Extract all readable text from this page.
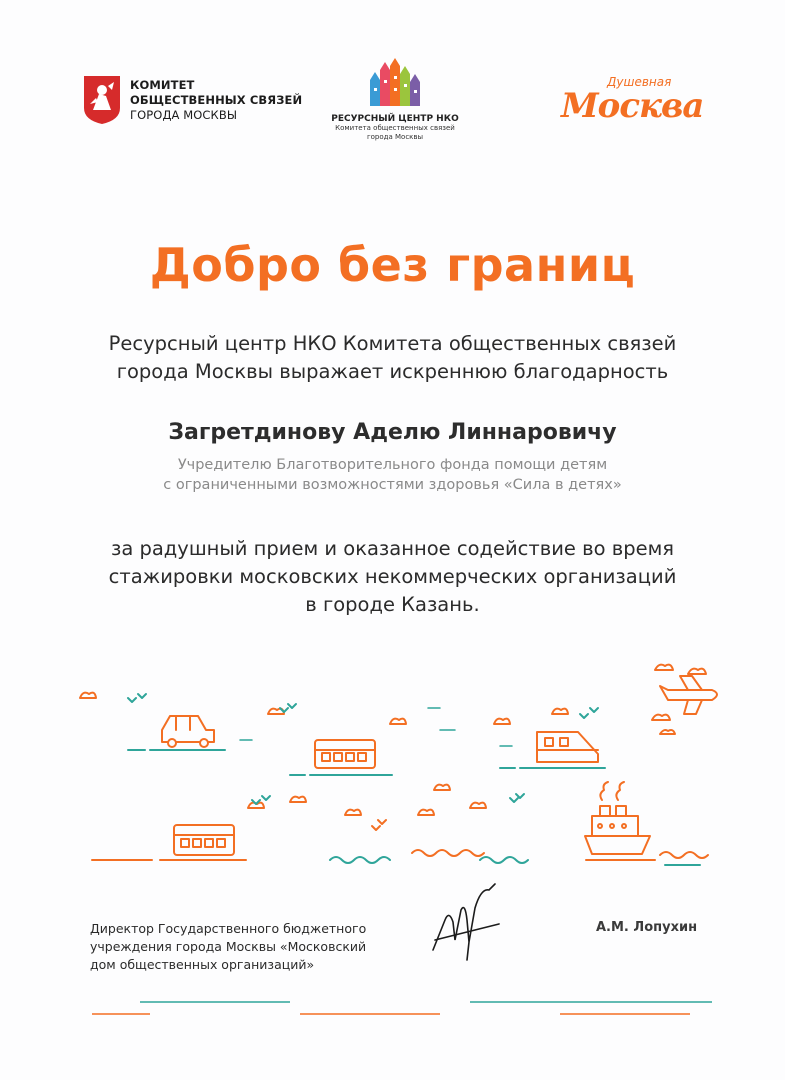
КОМИТЕТ
ОБЩЕСТВЕННЫХ СВЯЗЕЙ
ГОРОДА МОСКВЫ	РЕСУРСНЫЙ ЦЕНТР НКО
Комитета общественных связей
города Москвы
Душевная
Москва
Добро без границ
Ресурсный центр НКО Комитета общественных связей
города Москвы выражает искреннюю благодарность
Загретдинову Аделю Линнаровичу
Учредителю Благотворительного фонда помощи детям
с ограниченными возможностями здоровья «Сила в детях»
за радушный прием и оказанное содействие во время
стажировки московских некоммерческих организаций
в городе Казань.
Директор Государственного бюджетного
учреждения города Москвы «Московский
дом общественных организаций»
А.М. Лопухин
